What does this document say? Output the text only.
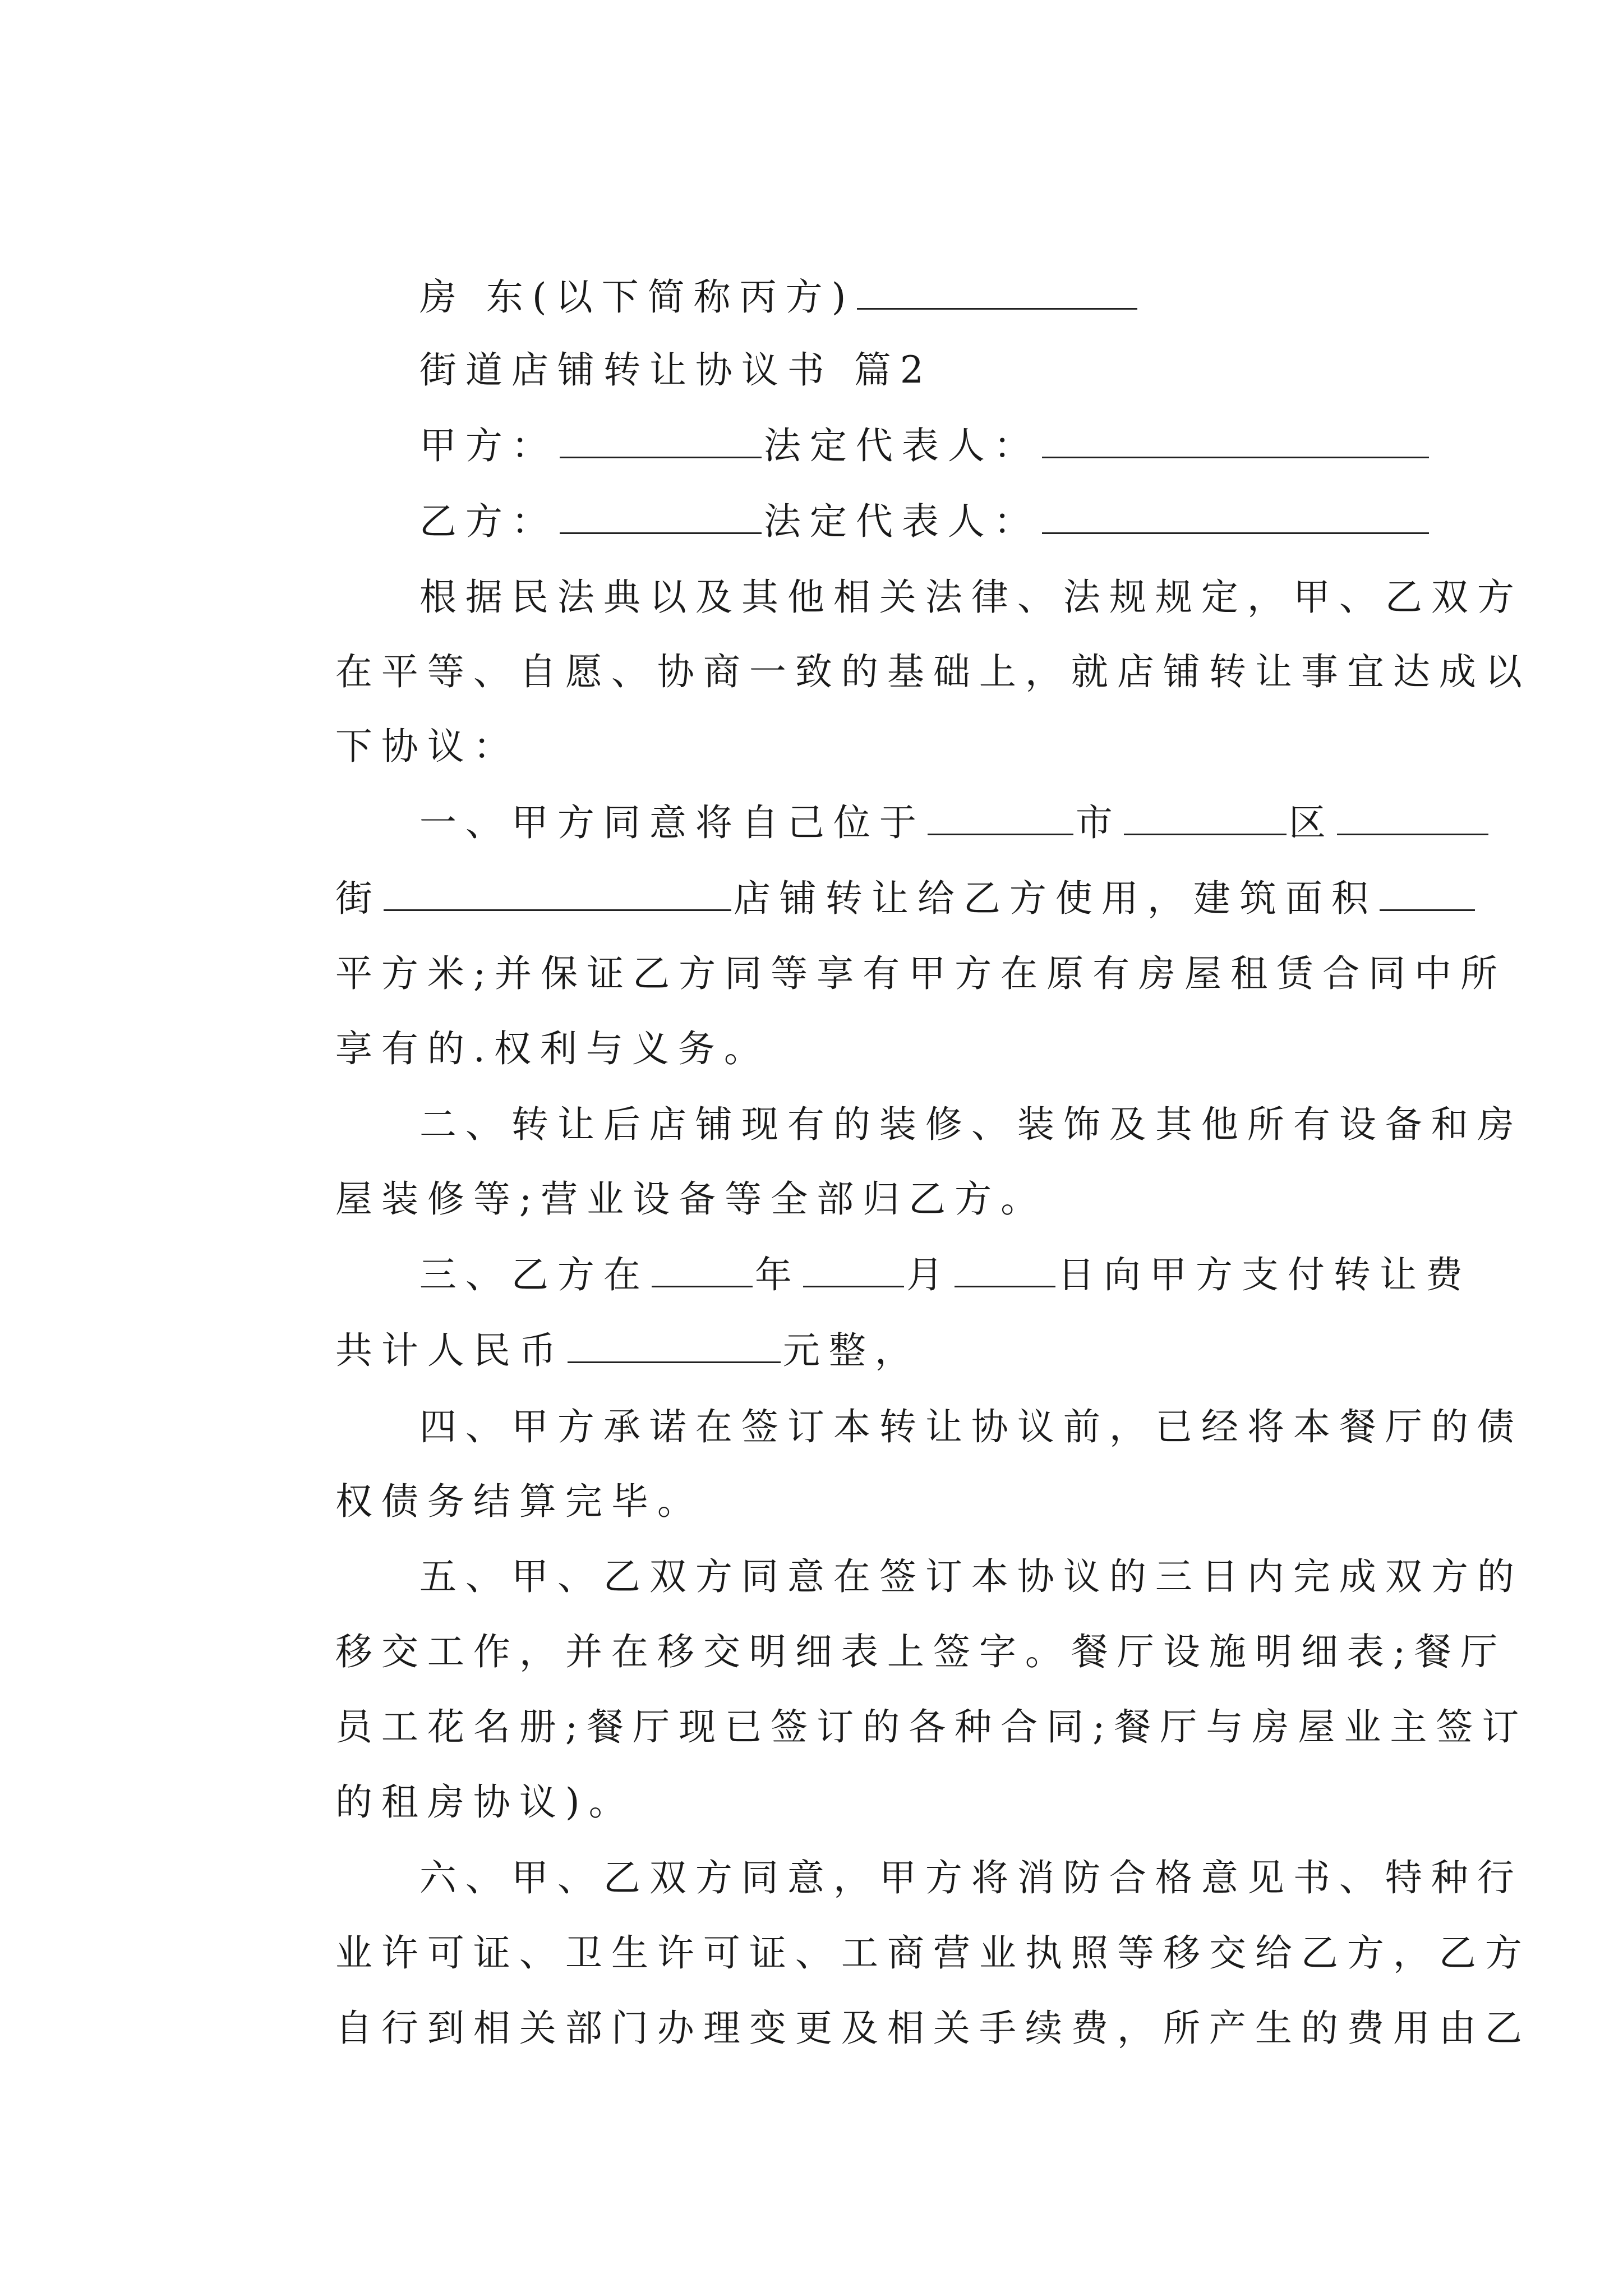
房 东(以下简称丙方)

街道店铺转让协议书 篇2

甲方：	法定代表人：

乙方：	法定代表人：

根据民法典以及其他相关法律、法规规定，甲、乙双方

在平等、自愿、协商一致的基础上，就店铺转让事宜达成以

下协议：

一、甲方同意将自己位于	市	区

街	店铺转让给乙方使用，建筑面积

平方米;并保证乙方同等享有甲方在原有房屋租赁合同中所

享有的.权利与义务。

二、转让后店铺现有的装修、装饰及其他所有设备和房

屋装修等;营业设备等全部归乙方。

三、乙方在	年	月	日向甲方支付转让费

共计人民币	元整，

四、甲方承诺在签订本转让协议前，已经将本餐厅的债

权债务结算完毕。

五、甲、乙双方同意在签订本协议的三日内完成双方的

移交工作，并在移交明细表上签字。餐厅设施明细表;餐厅

员工花名册;餐厅现已签订的各种合同;餐厅与房屋业主签订

的租房协议)。

六、甲、乙双方同意，甲方将消防合格意见书、特种行

业许可证、卫生许可证、工商营业执照等移交给乙方，乙方

自行到相关部门办理变更及相关手续费，所产生的费用由乙
